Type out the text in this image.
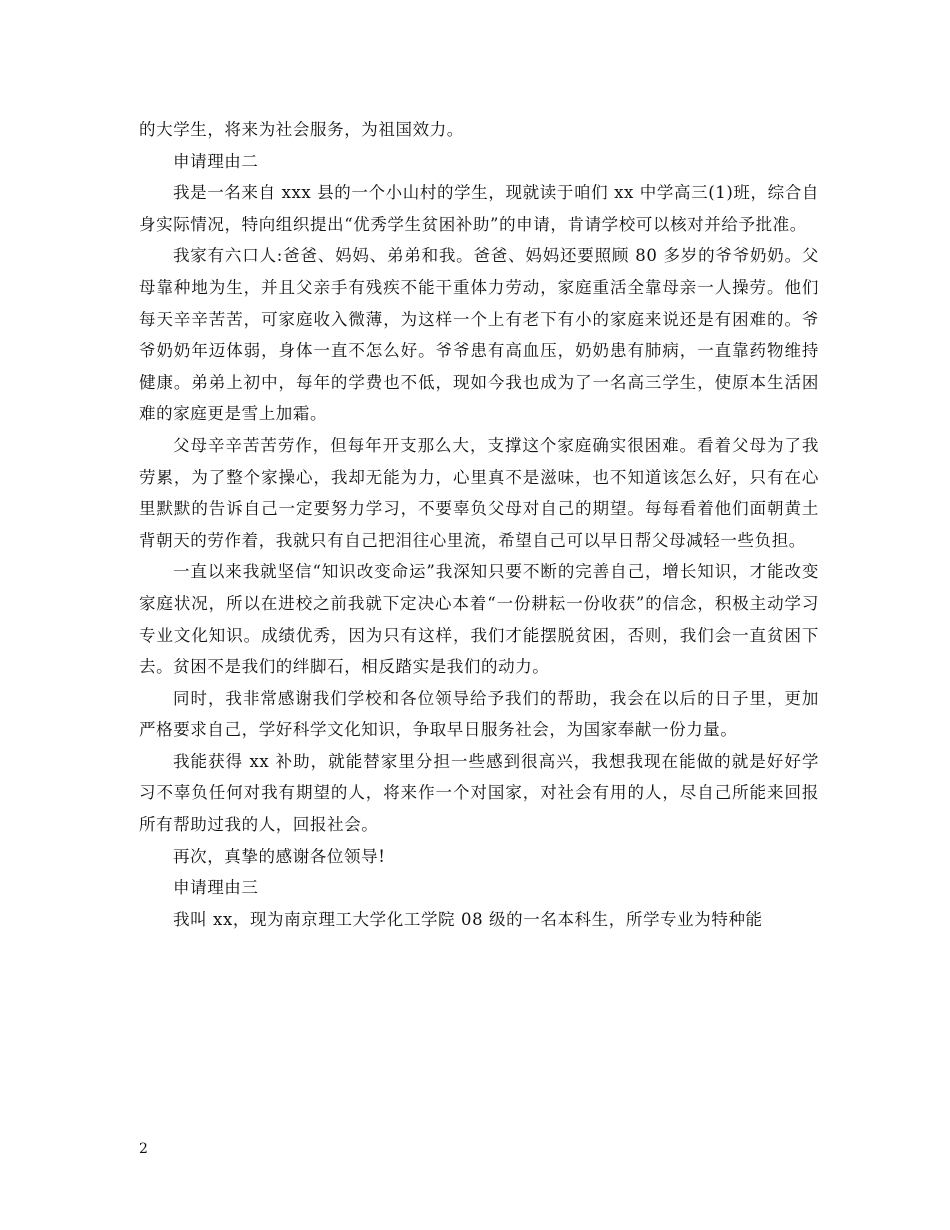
的大学生，将来为社会服务，为祖国效力。

申请理由二

我是一名来自 xxx 县的一个小山村的学生，现就读于咱们 xx 中学高三(1)班，综合自身实际情况，特向组织提出“优秀学生贫困补助”的申请，肯请学校可以核对并给予批准。

我家有六口人:爸爸、妈妈、弟弟和我。爸爸、妈妈还要照顾 80 多岁的爷爷奶奶。父母靠种地为生，并且父亲手有残疾不能干重体力劳动，家庭重活全靠母亲一人操劳。他们每天辛辛苦苦，可家庭收入微薄，为这样一个上有老下有小的家庭来说还是有困难的。爷爷奶奶年迈体弱，身体一直不怎么好。爷爷患有高血压，奶奶患有肺病，一直靠药物维持健康。弟弟上初中，每年的学费也不低，现如今我也成为了一名高三学生，使原本生活困难的家庭更是雪上加霜。

父母辛辛苦苦劳作，但每年开支那么大，支撑这个家庭确实很困难。看着父母为了我劳累，为了整个家操心，我却无能为力，心里真不是滋味，也不知道该怎么好，只有在心里默默的告诉自己一定要努力学习，不要辜负父母对自己的期望。每每看着他们面朝黄土背朝天的劳作着，我就只有自己把泪往心里流，希望自己可以早日帮父母减轻一些负担。

一直以来我就坚信“知识改变命运”我深知只要不断的完善自己，增长知识，才能改变家庭状况，所以在进校之前我就下定决心本着“一份耕耘一份收获”的信念，积极主动学习专业文化知识。成绩优秀，因为只有这样，我们才能摆脱贫困，否则，我们会一直贫困下去。贫困不是我们的绊脚石，相反踏实是我们的动力。

同时，我非常感谢我们学校和各位领导给予我们的帮助，我会在以后的日子里，更加严格要求自己，学好科学文化知识，争取早日服务社会，为国家奉献一份力量。

我能获得 xx 补助，就能替家里分担一些感到很高兴，我想我现在能做的就是好好学习不辜负任何对我有期望的人，将来作一个对国家，对社会有用的人，尽自己所能来回报所有帮助过我的人，回报社会。

再次，真挚的感谢各位领导!

申请理由三

我叫 xx，现为南京理工大学化工学院 08 级的一名本科生，所学专业为特种能

2
